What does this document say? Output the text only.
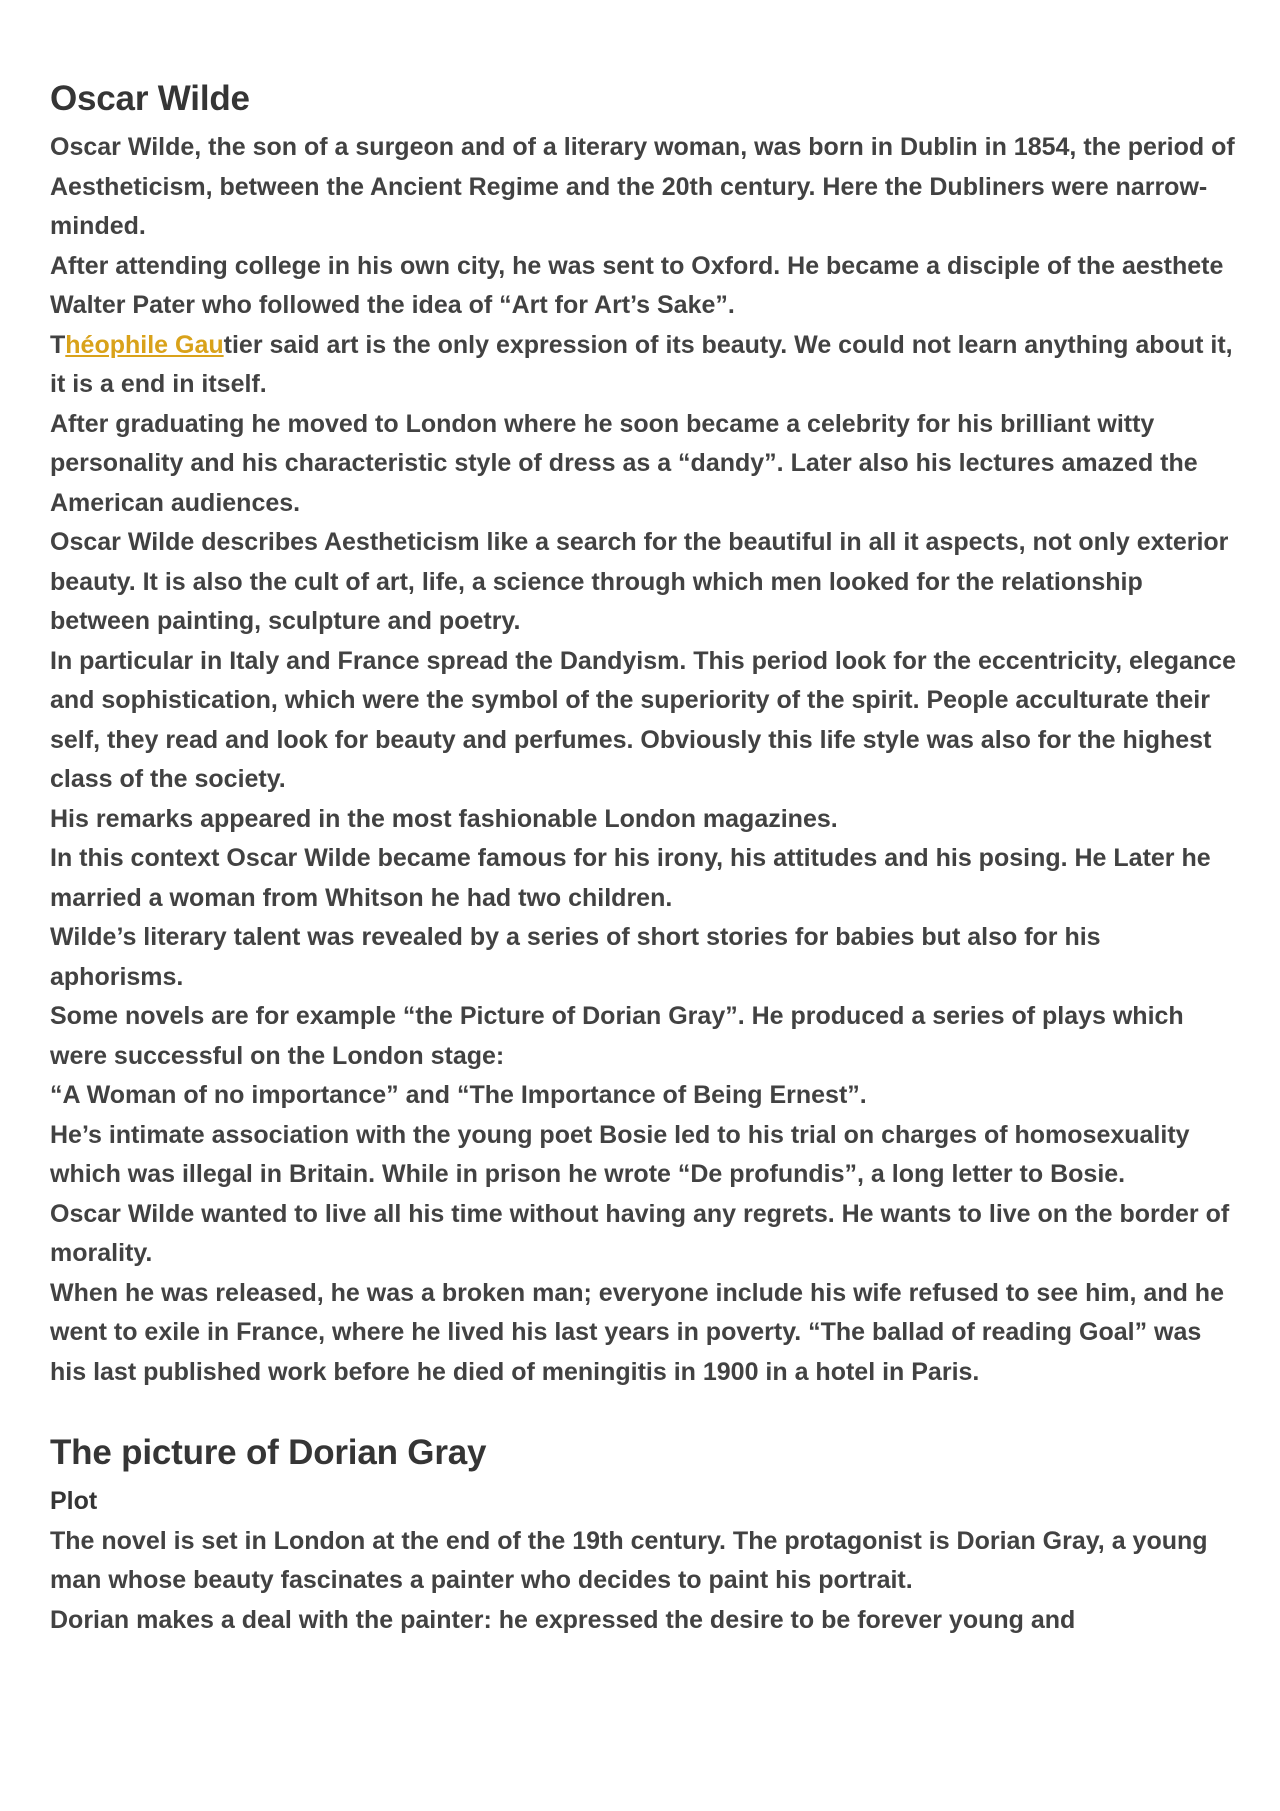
Oscar Wilde

Oscar Wilde, the son of a surgeon and of a literary woman, was born in Dublin in 1854, the period of Aestheticism, between the Ancient Regime and the 20th century. Here the Dubliners were narrow-minded.

After attending college in his own city, he was sent to Oxford. He became a disciple of the aesthete Walter Pater who followed the idea of “Art for Art’s Sake”.

Théophile Gautier said art is the only expression of its beauty. We could not learn anything about it, it is a end in itself.

After graduating he moved to London where he soon became a celebrity for his brilliant witty personality and his characteristic style of dress as a “dandy”. Later also his lectures amazed the American audiences.

Oscar Wilde describes Aestheticism like a search for the beautiful in all it aspects, not only exterior beauty. It is also the cult of art, life, a science through which men looked for the relationship between painting, sculpture and poetry.

In particular in Italy and France spread the Dandyism. This period look for the eccentricity, elegance and sophistication, which were the symbol of the superiority of the spirit. People acculturate their self, they read and look for beauty and perfumes. Obviously this life style was also for the highest class of the society.

His remarks appeared in the most fashionable London magazines.

In this context Oscar Wilde became famous for his irony, his attitudes and his posing. He Later he married a woman from Whitson he had two children.

Wilde’s literary talent was revealed by a series of short stories for babies but also for his aphorisms.

Some novels are for example “the Picture of Dorian Gray”. He produced a series of plays which were successful on the London stage:

“A Woman of no importance” and “The Importance of Being Ernest”.

He’s intimate association with the young poet Bosie led to his trial on charges of homosexuality which was illegal in Britain. While in prison he wrote “De profundis”, a long letter to Bosie.

Oscar Wilde wanted to live all his time without having any regrets. He wants to live on the border of morality.

When he was released, he was a broken man; everyone include his wife refused to see him, and he went to exile in France, where he lived his last years in poverty. “The ballad of reading Goal” was his last published work before he died of meningitis in 1900 in a hotel in Paris.

The picture of Dorian Gray

Plot

The novel is set in London at the end of the 19th century. The protagonist is Dorian Gray, a young man whose beauty fascinates a painter who decides to paint his portrait.

Dorian makes a deal with the painter: he expressed the desire to be forever young and
